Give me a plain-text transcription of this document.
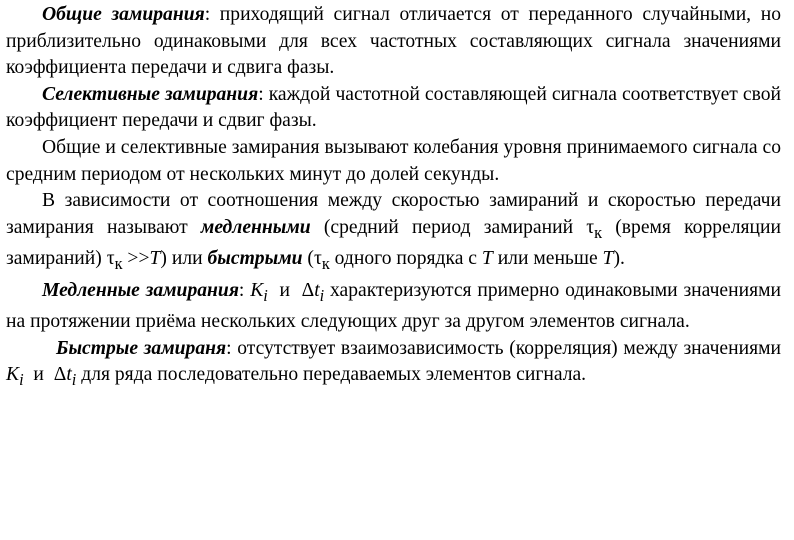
Общие замирания: приходящий сигнал отличается от переданного случайными, но приблизительно одинаковыми для всех частотных составляющих сигнала значениями коэффициента передачи и сдвига фазы.

Селективные замирания: каждой частотной составляющей сигнала соответствует свой коэффициент передачи и сдвиг фазы.

Общие и селективные замирания вызывают колебания уровня принимаемого сигнала со средним периодом от нескольких минут до долей секунды.

В зависимости от соотношения между скоростью замираний и скоростью передачи замирания называют медленными (средний период замираний $\tau_к$ (время корреляции замираний) $\tau_к >>T$) или быстрыми ($\tau_к$ одного порядка с T или меньше T).

Медленные замирания: $K_i$  и  $\Delta t_i$ характеризуются примерно одинаковыми значениями на протяжении приёма нескольких следующих друг за другом элементов сигнала.

Быстрые замираня: отсутствует взаимозависимость (корреляция) между значениями $K_i$  и  $\Delta t_i$ для ряда последовательно передаваемых элементов сигнала.
